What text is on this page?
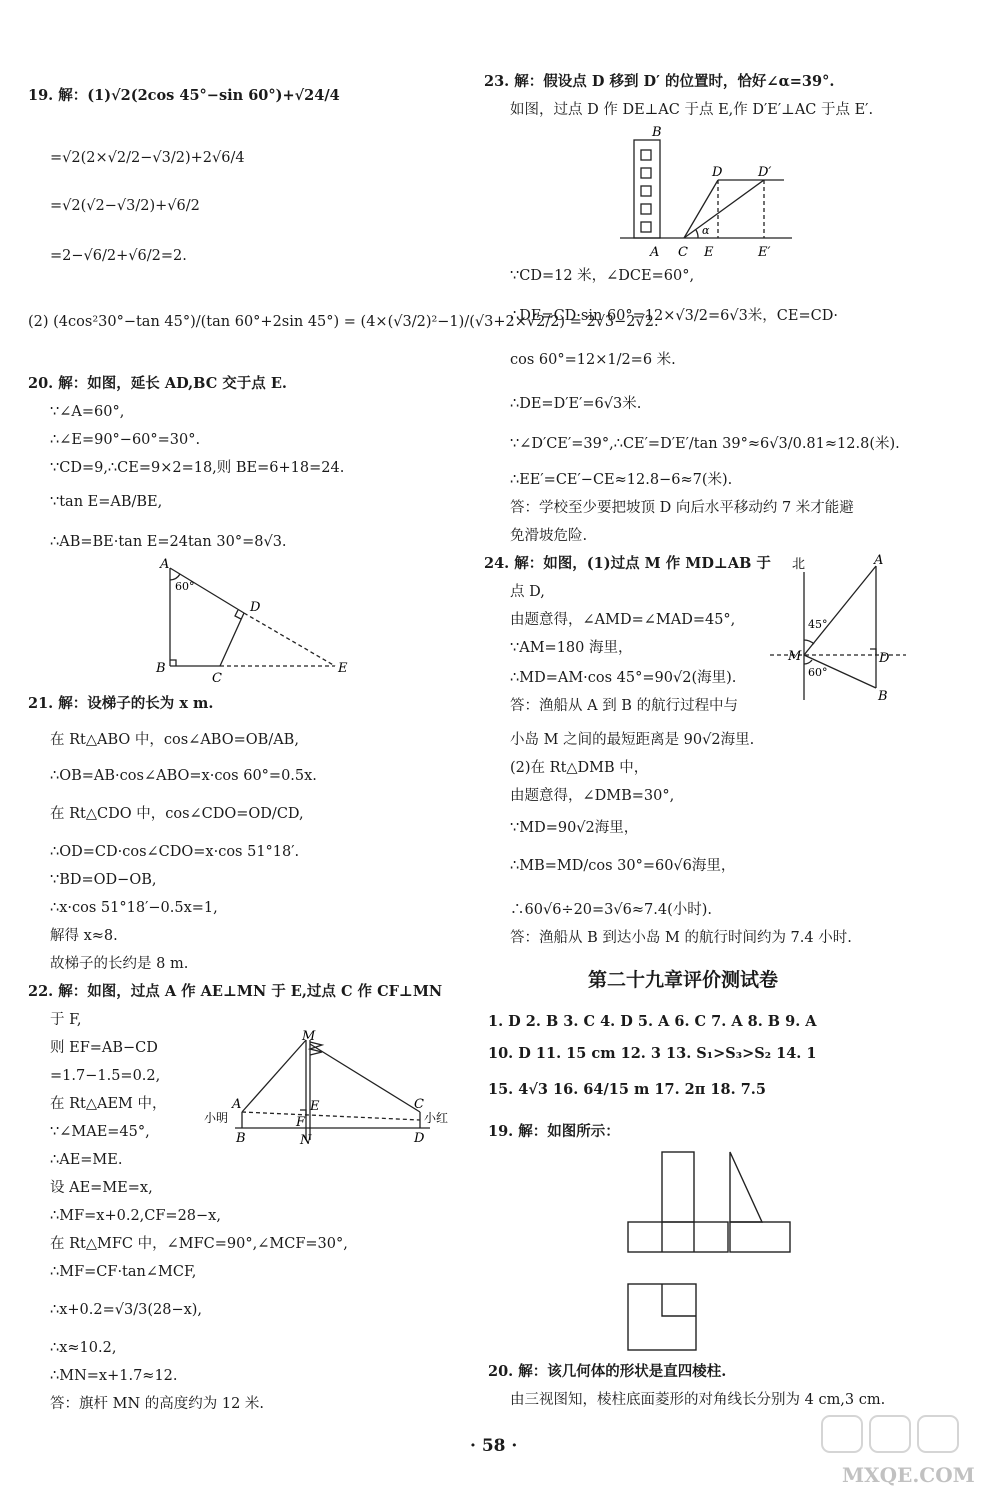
19. 解：(1)√2(2cos 45°−sin 60°)+√24/4
=√2(2×√2/2−√3/2)+2√6/4
=√2(√2−√3/2)+√6/2
=2−√6/2+√6/2=2.
(2) (4cos²30°−tan 45°)/(tan 60°+2sin 45°) = (4×(√3/2)²−1)/(√3+2×√2/2) = 2√3−2√2.
20. 解：如图，延长 AD,BC 交于点 E.
∵∠A=60°,
∴∠E=90°−60°=30°.
∵CD=9,∴CE=9×2=18,则 BE=6+18=24.
∵tan E=AB/BE,
∴AB=BE·tan E=24tan 30°=8√3.
A
60°
D
B
C
E
21. 解：设梯子的长为 x m.
在 Rt△ABO 中，cos∠ABO=OB/AB,
∴OB=AB·cos∠ABO=x·cos 60°=0.5x.
在 Rt△CDO 中，cos∠CDO=OD/CD,
∴OD=CD·cos∠CDO=x·cos 51°18′.
∵BD=OD−OB,
∴x·cos 51°18′−0.5x=1,
解得 x≈8.
故梯子的长约是 8 m.
22. 解：如图，过点 A 作 AE⊥MN 于 E,过点 C 作 CF⊥MN
于 F,
则 EF=AB−CD
=1.7−1.5=0.2,
在 Rt△AEM 中，
∵∠MAE=45°,
∴AE=ME.
M
A
小明
E
F
B	N
C
小红
D
设 AE=ME=x,
∴MF=x+0.2,CF=28−x,
在 Rt△MFC 中，∠MFC=90°,∠MCF=30°,
∴MF=CF·tan∠MCF,
∴x+0.2=√3/3(28−x),
∴x≈10.2,
∴MN=x+1.7≈12.
答：旗杆 MN 的高度约为 12 米.
23. 解：假设点 D 移到 D′ 的位置时，恰好∠α=39°.
如图，过点 D 作 DE⊥AC 于点 E,作 D′E′⊥AC 于点 E′.
B
D	D′
A C E	E′
α
∵CD=12 米，∠DCE=60°,
∴DE=CD·sin 60°=12×√3/2=6√3米，CE=CD·
cos 60°=12×1/2=6 米.
∴DE=D′E′=6√3米.
∵∠D′CE′=39°,∴CE′=D′E′/tan 39°≈6√3/0.81≈12.8(米).
∴EE′=CE′−CE≈12.8−6≈7(米).
答：学校至少要把坡顶 D 向后水平移动约 7 米才能避
免滑坡危险.
24. 解：如图，(1)过点 M 作 MD⊥AB 于
点 D,
由题意得，∠AMD=∠MAD=45°,
∵AM=180 海里，
∴MD=AM·cos 45°=90√2(海里).
答：渔船从 A 到 B 的航行过程中与
北	A
45°
M	D
60°
B
小岛 M 之间的最短距离是 90√2海里.
(2)在 Rt△DMB 中，
由题意得，∠DMB=30°,
∵MD=90√2海里，
∴MB=MD/cos 30°=60√6海里，
∴60√6÷20=3√6≈7.4(小时).
答：渔船从 B 到达小岛 M 的航行时间约为 7.4 小时.
第二十九章评价测试卷
1. D 2. B 3. C 4. D 5. A 6. C 7. A 8. B 9. A
10. D 11. 15 cm 12. 3 13. S₁>S₃>S₂ 14. 1
15. 4√3 16. 64/15 m 17. 2π 18. 7.5
19. 解：如图所示：
20. 解：该几何体的形状是直四棱柱.
由三视图知，棱柱底面菱形的对角线长分别为 4 cm,3 cm.
· 58 ·
MXQE.COM
